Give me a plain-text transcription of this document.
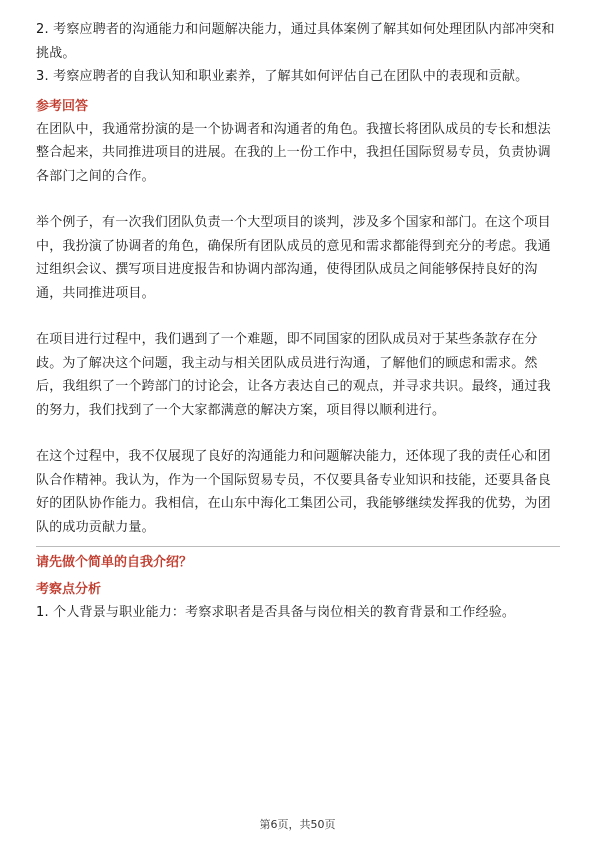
2. 考察应聘者的沟通能力和问题解决能力，通过具体案例了解其如何处理团队内部冲突和挑战。

3. 考察应聘者的自我认知和职业素养，了解其如何评估自己在团队中的表现和贡献。

参考回答

在团队中，我通常扮演的是一个协调者和沟通者的角色。我擅长将团队成员的专长和想法整合起来，共同推进项目的进展。在我的上一份工作中，我担任国际贸易专员，负责协调各部门之间的合作。

举个例子，有一次我们团队负责一个大型项目的谈判，涉及多个国家和部门。在这个项目中，我扮演了协调者的角色，确保所有团队成员的意见和需求都能得到充分的考虑。我通过组织会议、撰写项目进度报告和协调内部沟通，使得团队成员之间能够保持良好的沟通，共同推进项目。

在项目进行过程中，我们遇到了一个难题，即不同国家的团队成员对于某些条款存在分歧。为了解决这个问题，我主动与相关团队成员进行沟通，了解他们的顾虑和需求。然后，我组织了一个跨部门的讨论会，让各方表达自己的观点，并寻求共识。最终，通过我的努力，我们找到了一个大家都满意的解决方案，项目得以顺利进行。

在这个过程中，我不仅展现了良好的沟通能力和问题解决能力，还体现了我的责任心和团队合作精神。我认为，作为一个国际贸易专员，不仅要具备专业知识和技能，还要具备良好的团队协作能力。我相信，在山东中海化工集团公司，我能够继续发挥我的优势，为团队的成功贡献力量。

请先做个简单的自我介绍？

考察点分析

1. 个人背景与职业能力：考察求职者是否具备与岗位相关的教育背景和工作经验。

第6页，共50页
